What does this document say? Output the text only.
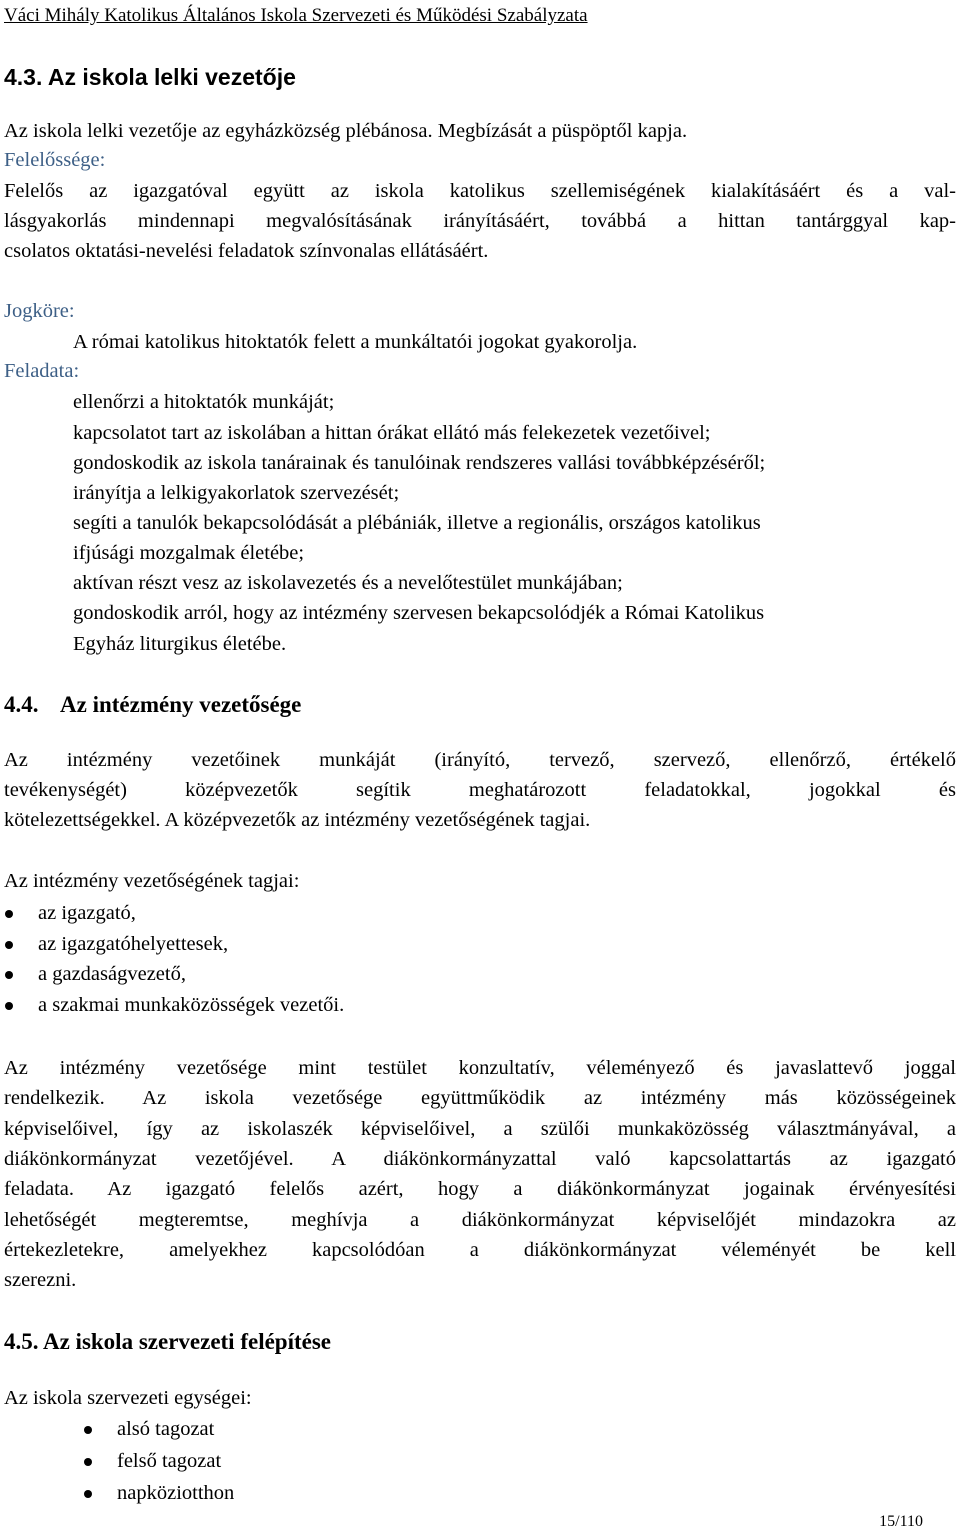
Váci Mihály Katolikus Általános Iskola Szervezeti és Működési Szabályzata
4.3. Az iskola lelki vezetője
Az iskola lelki vezetője az egyházközség plébánosa. Megbízását a püspöptől kapja.
Felelőssége:
Felelős az igazgatóval együtt az iskola katolikus szellemiségének kialakításáért és a val-
lásgyakorlás mindennapi megvalósításának irányításáért, továbbá a hittan tantárggyal kap-
csolatos oktatási-nevelési feladatok színvonalas ellátásáért.
Jogköre:
A római katolikus hitoktatók felett a munkáltatói jogokat gyakorolja.
Feladata:
ellenőrzi a hitoktatók munkáját;
kapcsolatot tart az iskolában a hittan órákat ellátó más felekezetek vezetőivel;
gondoskodik az iskola tanárainak és tanulóinak rendszeres vallási továbbképzéséről;
irányítja a lelkigyakorlatok szervezését;
segíti a tanulók bekapcsolódását a plébániák, illetve a regionális, országos katolikus
ifjúsági mozgalmak életébe;
aktívan részt vesz az iskolavezetés és a nevelőtestület munkájában;
gondoskodik arról, hogy az intézmény szervesen bekapcsolódjék a Római Katolikus
Egyház liturgikus életébe.
4.4. Az intézmény vezetősége
Az intézmény vezetőinek munkáját (irányító, tervező, szervező, ellenőrző, értékelő
tevékenységét) középvezetők segítik meghatározott feladatokkal, jogokkal és
kötelezettségekkel. A középvezetők az intézmény vezetőségének tagjai.
Az intézmény vezetőségének tagjai:
az igazgató,
az igazgatóhelyettesek,
a gazdaságvezető,
a szakmai munkaközösségek vezetői.
Az intézmény vezetősége mint testület konzultatív, véleményező és javaslattevő joggal
rendelkezik. Az iskola vezetősége együttműködik az intézmény más közösségeinek
képviselőivel, így az iskolaszék képviselőivel, a szülői munkaközösség választmányával, a
diákönkormányzat vezetőjével. A diákönkormányzattal való kapcsolattartás az igazgató
feladata. Az igazgató felelős azért, hogy a diákönkormányzat jogainak érvényesítési
lehetőségét megteremtse, meghívja a diákönkormányzat képviselőjét mindazokra az
értekezletekre, amelyekhez kapcsolódóan a diákönkormányzat véleményét be kell
szerezni.
4.5. Az iskola szervezeti felépítése
Az iskola szervezeti egységei:
alsó tagozat
felső tagozat
napköziotthon
15/110
